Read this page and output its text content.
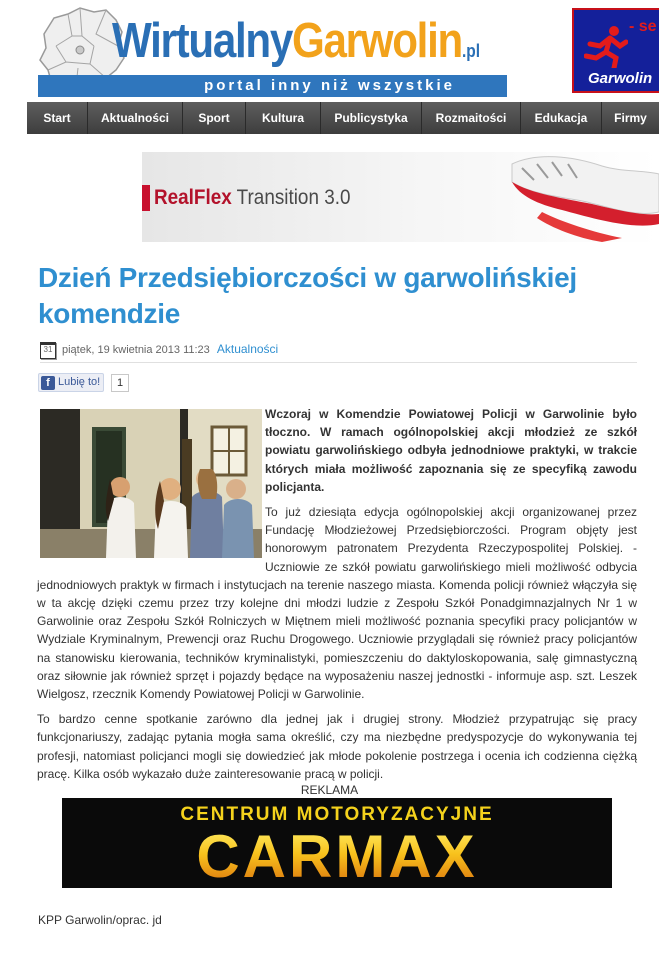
WirtualnyGarwolin.pl
portal inny niż wszystkie
- se
Garwolin
Start	Aktualności	Sport	Kultura	Publicystyka	Rozmaitości	Edukacja	Firmy
RealFlex Transition 3.0
Dzień Przedsiębiorczości w garwolińskiej komendzie
31 piątek, 19 kwietnia 2013 11:23 Aktualności
f Lubię to!	1

Wczoraj w Komendzie Powiatowej Policji w Garwolinie było tłoczno. W ramach ogólnopolskiej akcji młodzież ze szkół powiatu garwolińskiego odbyła jednodniowe praktyki, w trakcie których miała możliwość zapoznania się ze specyfiką zawodu policjanta.

To już dziesiąta edycja ogólnopolskiej akcji organizowanej przez Fundację Młodzieżowej Przedsiębiorczości. Program objęty jest honorowym patronatem Prezydenta Rzeczypospolitej Polskiej. - Uczniowie ze szkół powiatu garwolińskiego mieli możliwość odbycia jednodniowych praktyk w firmach i instytucjach na terenie naszego miasta. Komenda policji również włączyła się w ta akcję dzięki czemu przez trzy kolejne dni młodzi ludzie z Zespołu Szkół Ponadgimnazjalnych Nr 1 w Garwolinie oraz Zespołu Szkół Rolniczych w Miętnem mieli możliwość poznania specyfiki pracy policjantów w Wydziale Kryminalnym, Prewencji oraz Ruchu Drogowego. Uczniowie przyglądali się również pracy policjantów na stanowisku kierowania, techników kryminalistyki, pomieszczeniu do daktyloskopowania, salę gimnastyczną oraz siłownie jak również sprzęt i pojazdy będące na wyposażeniu naszej jednostki - informuje asp. szt. Leszek Wielgosz, rzecznik Komendy Powiatowej Policji w Garwolinie.

To bardzo cenne spotkanie zarówno dla jednej jak i drugiej strony. Młodzież przypatrując się pracy funkcjonariuszy, zadając pytania mogła sama określić, czy ma niezbędne predyspozycje do wykonywania tej profesji, natomiast policjanci mogli się dowiedzieć jak młode pokolenie postrzega i ocenia ich codzienna ciężką pracę. Kilka osób wykazało duże zainteresowanie pracą w policji.

REKLAMA
CENTRUM MOTORYZACYJNE
CARMAX
KPP Garwolin/oprac. jd
